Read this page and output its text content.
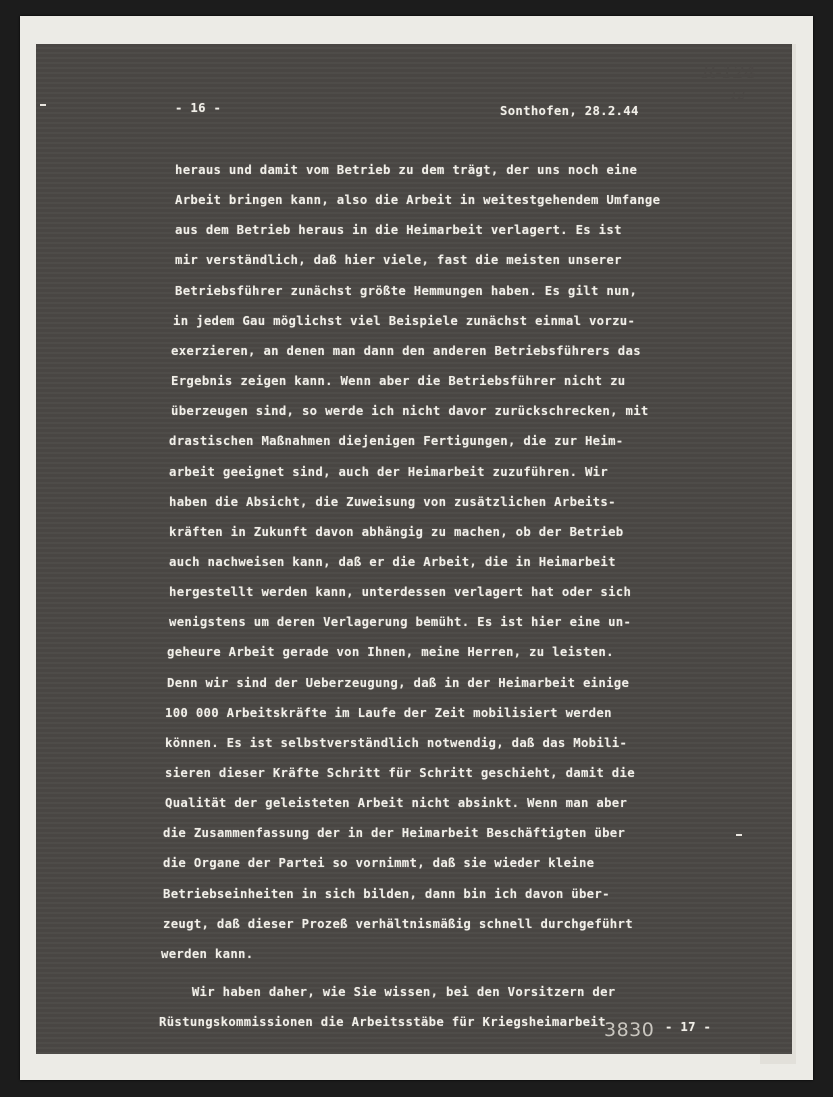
R-124
12
- 16 -	Sonthofen, 28.2.44
heraus und damit vom Betrieb zu dem trägt, der uns noch eine
Arbeit bringen kann, also die Arbeit in weitestgehendem Umfange
aus dem Betrieb heraus in die Heimarbeit verlagert. Es ist
mir verständlich, daß hier viele, fast die meisten unserer
Betriebsführer zunächst größte Hemmungen haben. Es gilt nun,
in jedem Gau möglichst viel Beispiele zunächst einmal vorzu-
exerzieren, an denen man dann den anderen Betriebsführers das
Ergebnis zeigen kann. Wenn aber die Betriebsführer nicht zu
überzeugen sind, so werde ich nicht davor zurückschrecken, mit
drastischen Maßnahmen diejenigen Fertigungen, die zur Heim-
arbeit geeignet sind, auch der Heimarbeit zuzuführen. Wir
haben die Absicht, die Zuweisung von zusätzlichen Arbeits-
kräften in Zukunft davon abhängig zu machen, ob der Betrieb
auch nachweisen kann, daß er die Arbeit, die in Heimarbeit
hergestellt werden kann, unterdessen verlagert hat oder sich
wenigstens um deren Verlagerung bemüht. Es ist hier eine un-
geheure Arbeit gerade von Ihnen, meine Herren, zu leisten.
Denn wir sind der Ueberzeugung, daß in der Heimarbeit einige
100 000 Arbeitskräfte im Laufe der Zeit mobilisiert werden
können. Es ist selbstverständlich notwendig, daß das Mobili-
sieren dieser Kräfte Schritt für Schritt geschieht, damit die
Qualität der geleisteten Arbeit nicht absinkt. Wenn man aber
die Zusammenfassung der in der Heimarbeit Beschäftigten über
die Organe der Partei so vornimmt, daß sie wieder kleine
Betriebseinheiten in sich bilden, dann bin ich davon über-
zeugt, daß dieser Prozeß verhältnismäßig schnell durchgeführt
werden kann.
Wir haben daher, wie Sie wissen, bei den Vorsitzern der
Rüstungskommissionen die Arbeitsstäbe für Kriegsheimarbeit
3830 - 17 -
